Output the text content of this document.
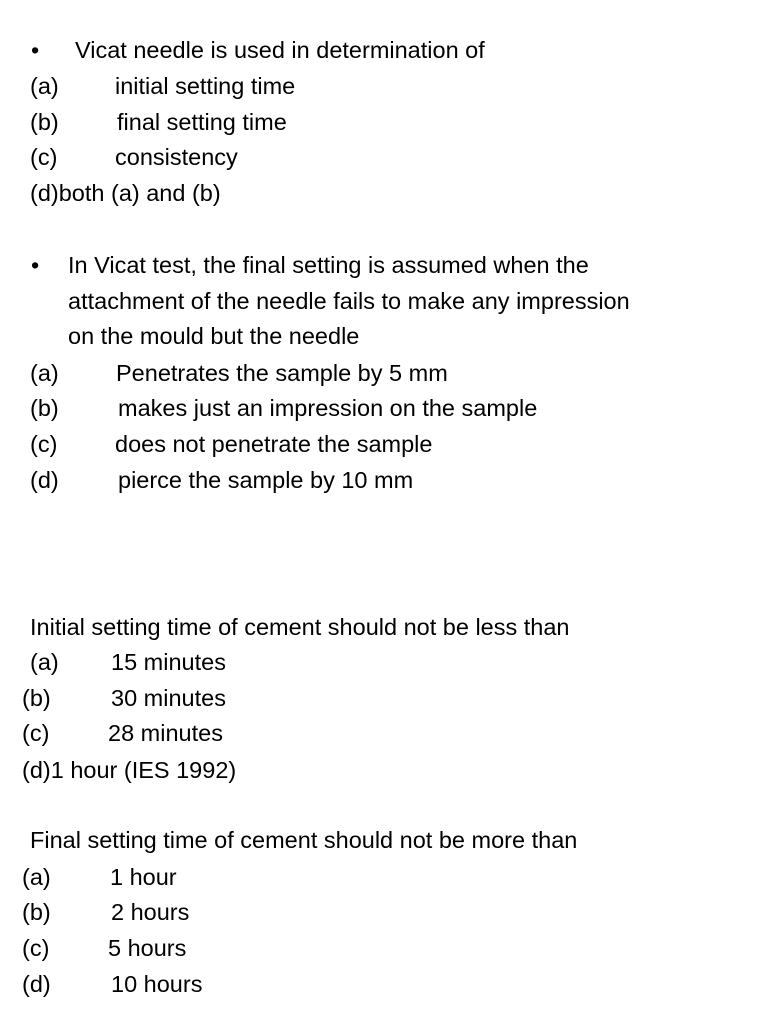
• Vicat needle is used in determination of
(a) initial setting time
(b) final setting time
(c) consistency
(d)both (a) and (b)
• In Vicat test, the final setting is assumed when the
attachment of the needle fails to make any impression
on the mould but the needle
(a) Penetrates the sample by 5 mm
(b)	makes just an impression on the sample
(c) does not penetrate the sample
(d)	pierce the sample by 10 mm
Initial setting time of cement should not be less than
(a) 15 minutes
(b)	30 minutes
(c) 28 minutes
(d)1 hour (IES 1992)
Final setting time of cement should not be more than
(a)	1 hour
(b)	2 hours
(c) 5 hours
(d)	10 hours
